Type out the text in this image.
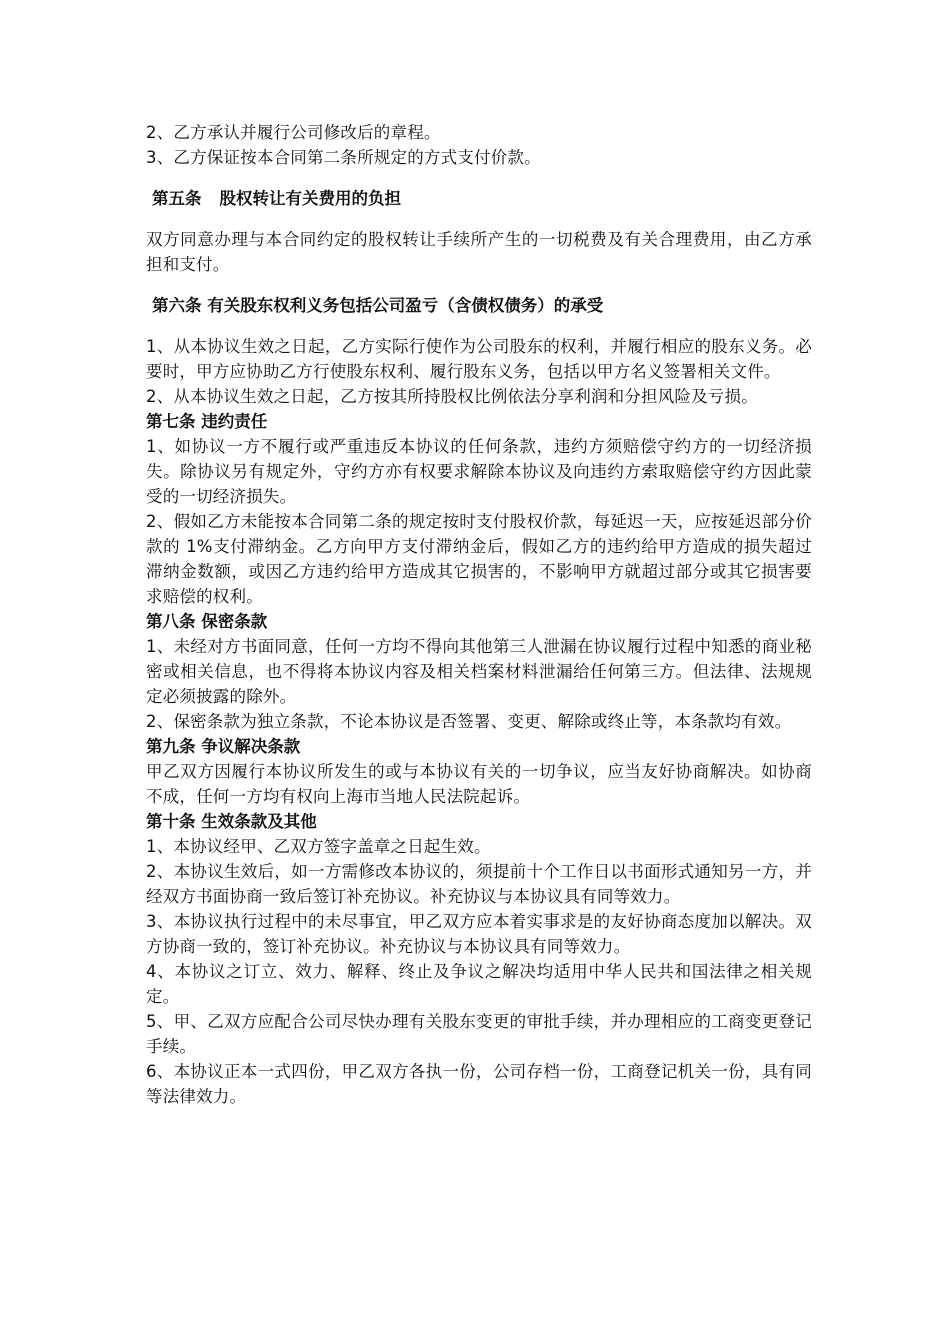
2、乙方承认并履行公司修改后的章程。

3、乙方保证按本合同第二条所规定的方式支付价款。

第五条 股权转让有关费用的负担

双方同意办理与本合同约定的股权转让手续所产生的一切税费及有关合理费用，由乙方承担和支付。

第六条 有关股东权利义务包括公司盈亏（含债权债务）的承受

1、从本协议生效之日起，乙方实际行使作为公司股东的权利，并履行相应的股东义务。必要时，甲方应协助乙方行使股东权利、履行股东义务，包括以甲方名义签署相关文件。

2、从本协议生效之日起，乙方按其所持股权比例依法分享利润和分担风险及亏损。

第七条 违约责任

1、如协议一方不履行或严重违反本协议的任何条款，违约方须赔偿守约方的一切经济损失。除协议另有规定外，守约方亦有权要求解除本协议及向违约方索取赔偿守约方因此蒙受的一切经济损失。

2、假如乙方未能按本合同第二条的规定按时支付股权价款，每延迟一天，应按延迟部分价款的 1%支付滞纳金。乙方向甲方支付滞纳金后，假如乙方的违约给甲方造成的损失超过滞纳金数额，或因乙方违约给甲方造成其它损害的，不影响甲方就超过部分或其它损害要求赔偿的权利。

第八条 保密条款

1、未经对方书面同意，任何一方均不得向其他第三人泄漏在协议履行过程中知悉的商业秘密或相关信息，也不得将本协议内容及相关档案材料泄漏给任何第三方。但法律、法规规定必须披露的除外。

2、保密条款为独立条款，不论本协议是否签署、变更、解除或终止等，本条款均有效。

第九条 争议解决条款

甲乙双方因履行本协议所发生的或与本协议有关的一切争议，应当友好协商解决。如协商不成，任何一方均有权向上海市当地人民法院起诉。

第十条 生效条款及其他

1、本协议经甲、乙双方签字盖章之日起生效。

2、本协议生效后，如一方需修改本协议的，须提前十个工作日以书面形式通知另一方，并经双方书面协商一致后签订补充协议。补充协议与本协议具有同等效力。

3、本协议执行过程中的未尽事宜，甲乙双方应本着实事求是的友好协商态度加以解决。双方协商一致的，签订补充协议。补充协议与本协议具有同等效力。

4、本协议之订立、效力、解释、终止及争议之解决均适用中华人民共和国法律之相关规定。

5、甲、乙双方应配合公司尽快办理有关股东变更的审批手续，并办理相应的工商变更登记手续。

6、本协议正本一式四份，甲乙双方各执一份，公司存档一份，工商登记机关一份，具有同等法律效力。
